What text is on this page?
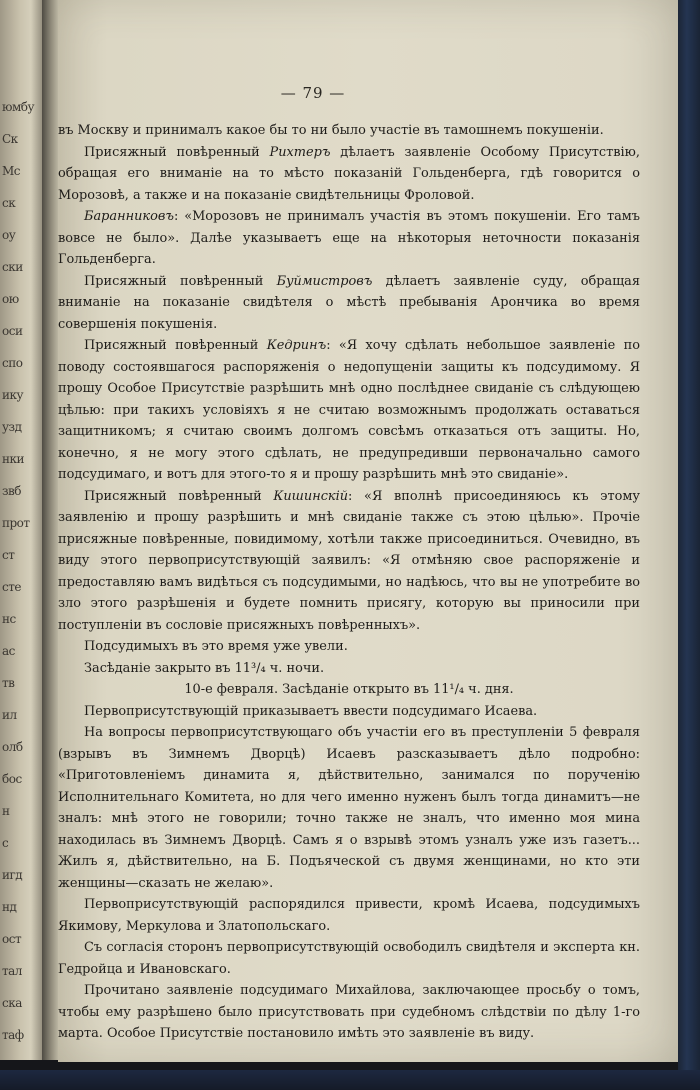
юмбу
Ск
Мс
ск
оу
ски
ою
оси
спо
ику
узд
нки
звб
прот
ст
сте
нс
ас
тв
ил
олб
бос
н
с
игд
нд
ост
тал
ска
таф
— 79 —

въ Москву и принималъ какое бы то ни было участіе въ тамошнемъ покушеніи.

Присяжный повѣренный Рихтеръ дѣлаетъ заявленіе Особому Присутствію, обращая его вниманіе на то мѣсто показаній Гольденберга, гдѣ говорится о Морозовѣ, а также и на показаніе свидѣтельницы Фроловой.

Баранниковъ: «Морозовъ не принималъ участія въ этомъ покушеніи. Его тамъ вовсе не было». Далѣе указываетъ еще на нѣкоторыя неточности показанія Гольденберга.

Присяжный повѣренный Буймистровъ дѣлаетъ заявленіе суду, обращая вниманіе на показаніе свидѣтеля о мѣстѣ пребыванія Арончика во время совершенія покушенія.

Присяжный повѣренный Кедринъ: «Я хочу сдѣлать небольшое заявленіе по поводу состоявшагося распоряженія о недопущеніи защиты къ подсудимому. Я прошу Особое Присутствіе разрѣшить мнѣ одно послѣднее свиданіе съ слѣдующею цѣлью: при такихъ условіяхъ я не считаю возможнымъ продолжать оставаться защитникомъ; я считаю своимъ долгомъ совсѣмъ отказаться отъ защиты. Но, конечно, я не могу этого сдѣлать, не предупредивши первоначально самого подсудимаго, и вотъ для этого-то я и прошу разрѣшить мнѣ это свиданіе».

Присяжный повѣренный Кишинскій: «Я вполнѣ присоединяюсь къ этому заявленію и прошу разрѣшить и мнѣ свиданіе также съ этою цѣлью». Прочіе присяжные повѣренные, повидимому, хотѣли также присоединиться. Очевидно, въ виду этого первоприсутствующій заявилъ: «Я отмѣняю свое распоряженіе и предоставляю вамъ видѣться съ подсудимыми, но надѣюсь, что вы не употребите во зло этого разрѣшенія и будете помнить присягу, которую вы приносили при поступленіи въ сословіе присяжныхъ повѣренныхъ».

Подсудимыхъ въ это время уже увели.

Засѣданіе закрыто въ 11³/₄ ч. ночи.

10-е февраля. Засѣданіе открыто въ 11¹/₄ ч. дня.

Первоприсутствующій приказываетъ ввести подсудимаго Исаева.

На вопросы первоприсутствующаго объ участіи его въ преступленіи 5 февраля (взрывъ въ Зимнемъ Дворцѣ) Исаевъ разсказываетъ дѣло подробно: «Приготовленіемъ динамита я, дѣйствительно, занимался по порученію Исполнительнаго Комитета, но для чего именно нуженъ былъ тогда динамитъ—не зналъ: мнѣ этого не говорили; точно также не зналъ, что именно моя мина находилась въ Зимнемъ Дворцѣ. Самъ я о взрывѣ этомъ узналъ уже изъ газетъ... Жилъ я, дѣйствительно, на Б. Подъяческой съ двумя женщинами, но кто эти женщины—сказать не желаю».

Первоприсутствующій распорядился привести, кромѣ Исаева, подсудимыхъ Якимову, Меркулова и Златопольскаго.

Съ согласія сторонъ первоприсутствующій освободилъ свидѣтеля и эксперта кн. Гедройца и Ивановскаго.

Прочитано заявленіе подсудимаго Михайлова, заключающее просьбу о томъ, чтобы ему разрѣшено было присутствовать при судебномъ слѣдствіи по дѣлу 1-го марта. Особое Присутствіе постановило имѣть это заявленіе въ виду.
